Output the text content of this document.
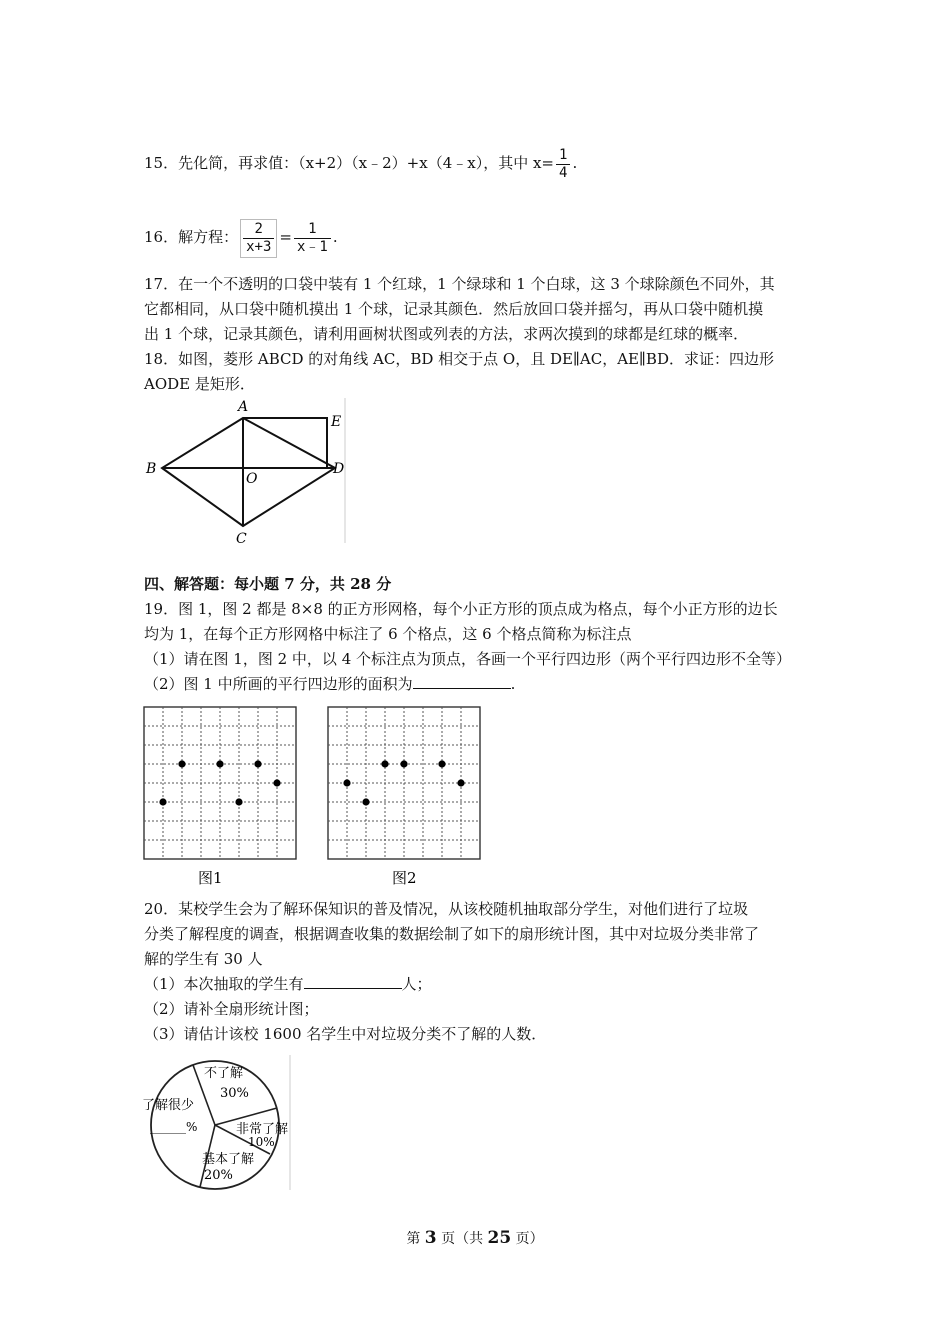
15．先化简，再求值：（x+2）（x﹣2）+x（4﹣x），其中 $x= \frac{1}{4}$ .
16．解方程： $\frac{2}{x+3} = \frac{1}{x﹣1}$ .
17．在一个不透明的口袋中装有 1 个红球，1 个绿球和 1 个白球，这 3 个球除颜色不同外，其
它都相同，从口袋中随机摸出 1 个球，记录其颜色．然后放回口袋并摇匀，再从口袋中随机摸
出 1 个球，记录其颜色，请利用画树状图或列表的方法，求两次摸到的球都是红球的概率．
18．如图，菱形 ABCD 的对角线 AC，BD 相交于点 O，且 DE∥AC，AE∥BD．求证：四边形
AODE 是矩形．
A
B
C
D
E
O
四、解答题：每小题 7 分，共 28 分
19．图 1，图 2 都是 8×8 的正方形网格，每个小正方形的顶点成为格点，每个小正方形的边长
均为 1，在每个正方形网格中标注了 6 个格点，这 6 个格点简称为标注点
（1）请在图 1，图 2 中，以 4 个标注点为顶点，各画一个平行四边形（两个平行四边形不全等）
（2）图 1 中所画的平行四边形的面积为	.
图1	图2
20．某校学生会为了解环保知识的普及情况，从该校随机抽取部分学生，对他们进行了垃圾
分类了解程度的调查，根据调查收集的数据绘制了如下的扇形统计图，其中对垃圾分类非常了
解的学生有 30 人
（1）本次抽取的学生有	人；
（2）请补全扇形统计图；
（3）请估计该校 1600 名学生中对垃圾分类不了解的人数．
不了解
30%
非常了解
10%
基本了解
20%
了解很少
______%
第 3 页（共 25 页）
